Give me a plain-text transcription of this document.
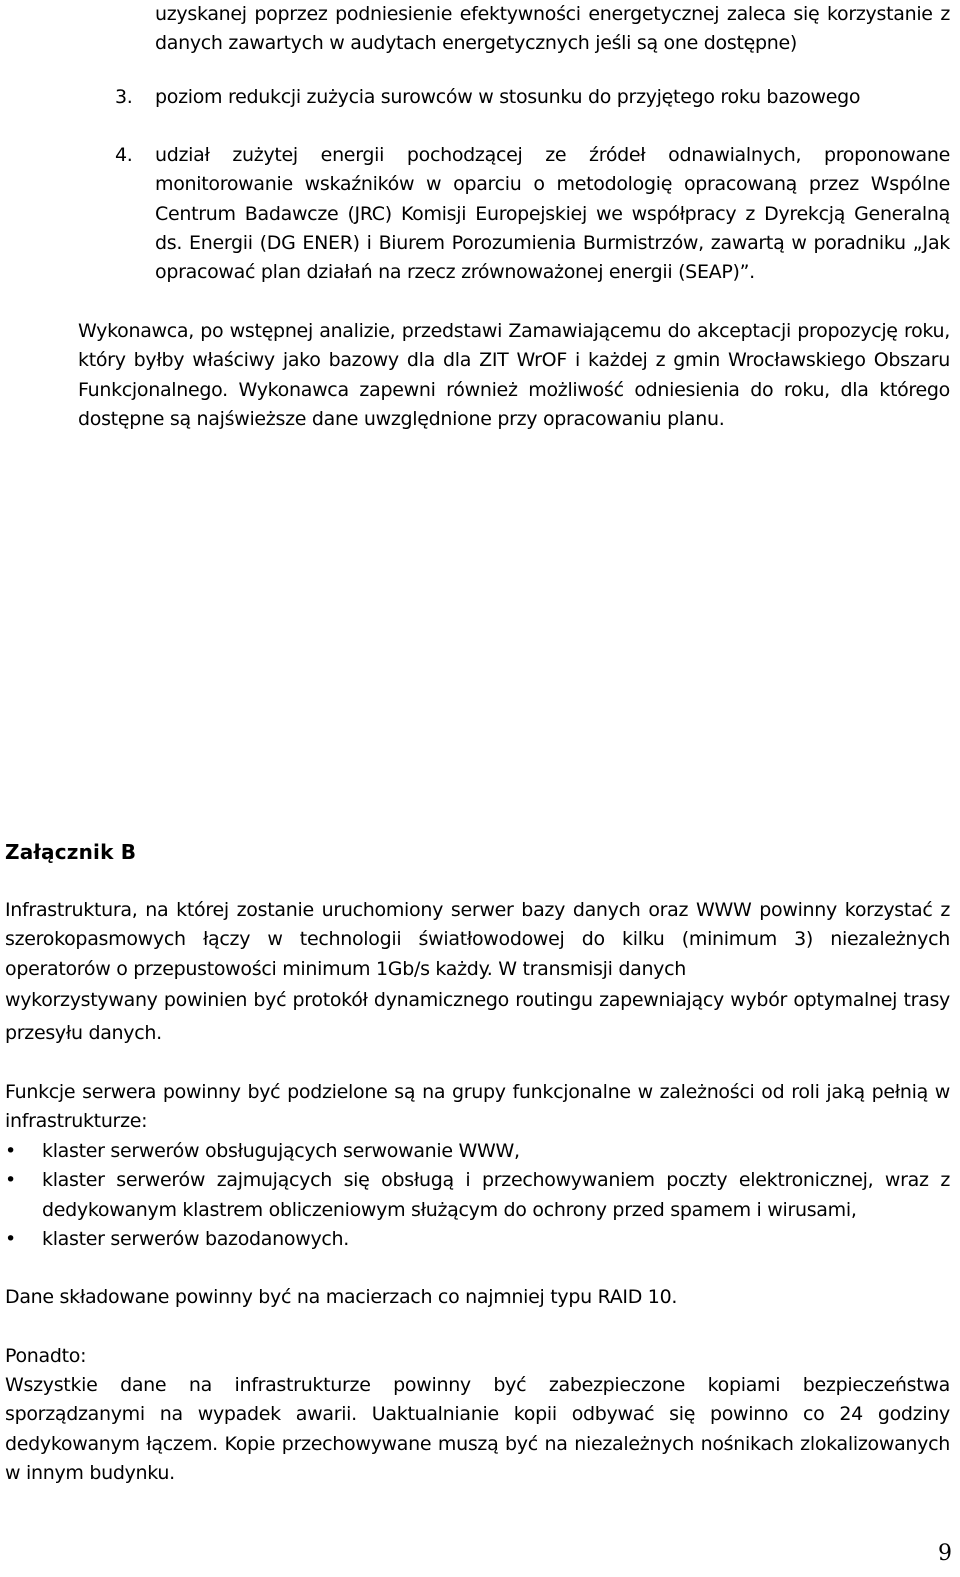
uzyskanej poprzez podniesienie efektywności energetycznej zaleca się korzystanie z danych zawartych w audytach energetycznych jeśli są one dostępne)

3.	poziom redukcji zużycia surowców w stosunku do przyjętego roku bazowego
4.	udział zużytej energii pochodzącej ze źródeł odnawialnych, proponowane monitorowanie wskaźników w oparciu o metodologię opracowaną przez Wspólne Centrum Badawcze (JRC) Komisji Europejskiej we współpracy z Dyrekcją Generalną ds. Energii (DG ENER) i Biurem Porozumienia Burmistrzów, zawartą w poradniku „Jak opracować plan działań na rzecz zrównoważonej energii (SEAP)”.

Wykonawca, po wstępnej analizie, przedstawi Zamawiającemu do akceptacji propozycję roku, który byłby właściwy jako bazowy dla dla ZIT WrOF i każdej z gmin Wrocławskiego Obszaru Funkcjonalnego. Wykonawca zapewni również możliwość odniesienia do roku, dla którego dostępne są najświeższe dane uwzględnione przy opracowaniu planu.

Załącznik B
Infrastruktura, na której zostanie uruchomiony serwer bazy danych oraz WWW powinny korzystać z szerokopasmowych łączy w technologii światłowodowej do kilku (minimum 3) niezależnych operatorów o przepustowości minimum 1Gb/s każdy. W transmisji danych
wykorzystywany powinien być protokół dynamicznego routingu zapewniający wybór optymalnej trasy przesyłu danych.

Funkcje serwera powinny być podzielone są na grupy funkcjonalne w zależności od roli jaką pełnią w infrastrukturze:

• klaster serwerów obsługujących serwowanie WWW,
• klaster serwerów zajmujących się obsługą i przechowywaniem poczty elektronicznej, wraz z dedykowanym klastrem obliczeniowym służącym do ochrony przed spamem i wirusami,
• klaster serwerów bazodanowych.

Dane składowane powinny być na macierzach co najmniej typu RAID 10.

Ponadto:

Wszystkie dane na infrastrukturze powinny być zabezpieczone kopiami bezpieczeństwa sporządzanymi na wypadek awarii. Uaktualnianie kopii odbywać się powinno co 24 godziny dedykowanym łączem. Kopie przechowywane muszą być na niezależnych nośnikach zlokalizowanych w innym budynku.

9
